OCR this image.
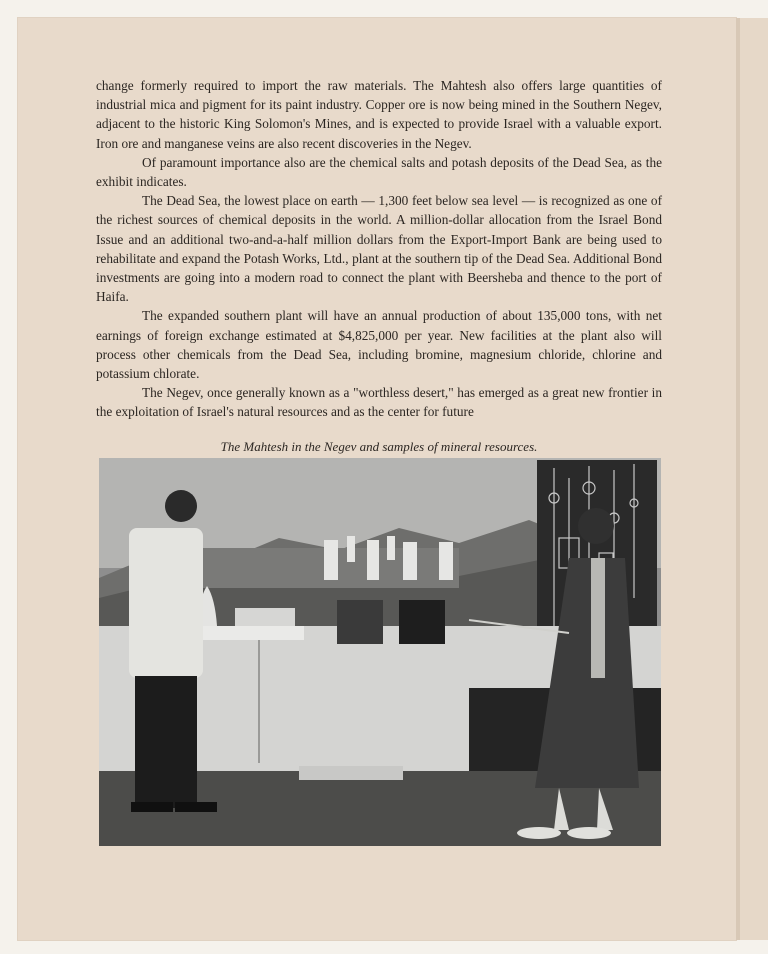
change formerly required to import the raw materials. The Mahtesh also offers large quantities of industrial mica and pigment for its paint industry. Copper ore is now being mined in the Southern Negev, adjacent to the historic King Solomon's Mines, and is expected to provide Israel with a valuable export. Iron ore and manganese veins are also recent discoveries in the Negev.

Of paramount importance also are the chemical salts and potash deposits of the Dead Sea, as the exhibit indicates.

The Dead Sea, the lowest place on earth — 1,300 feet below sea level — is recognized as one of the richest sources of chemical deposits in the world. A million-dollar allocation from the Israel Bond Issue and an additional two-and-a-half million dollars from the Export-Import Bank are being used to rehabilitate and expand the Potash Works, Ltd., plant at the southern tip of the Dead Sea. Additional Bond investments are going into a modern road to connect the plant with Beersheba and thence to the port of Haifa.

The expanded southern plant will have an annual production of about 135,000 tons, with net earnings of foreign exchange estimated at $4,825,000 per year. New facilities at the plant also will process other chemicals from the Dead Sea, including bromine, magnesium chloride, chlorine and potassium chlorate.

The Negev, once generally known as a "worthless desert," has emerged as a great new frontier in the exploitation of Israel's natural resources and as the center for future

The Mahtesh in the Negev and samples of mineral resources.
